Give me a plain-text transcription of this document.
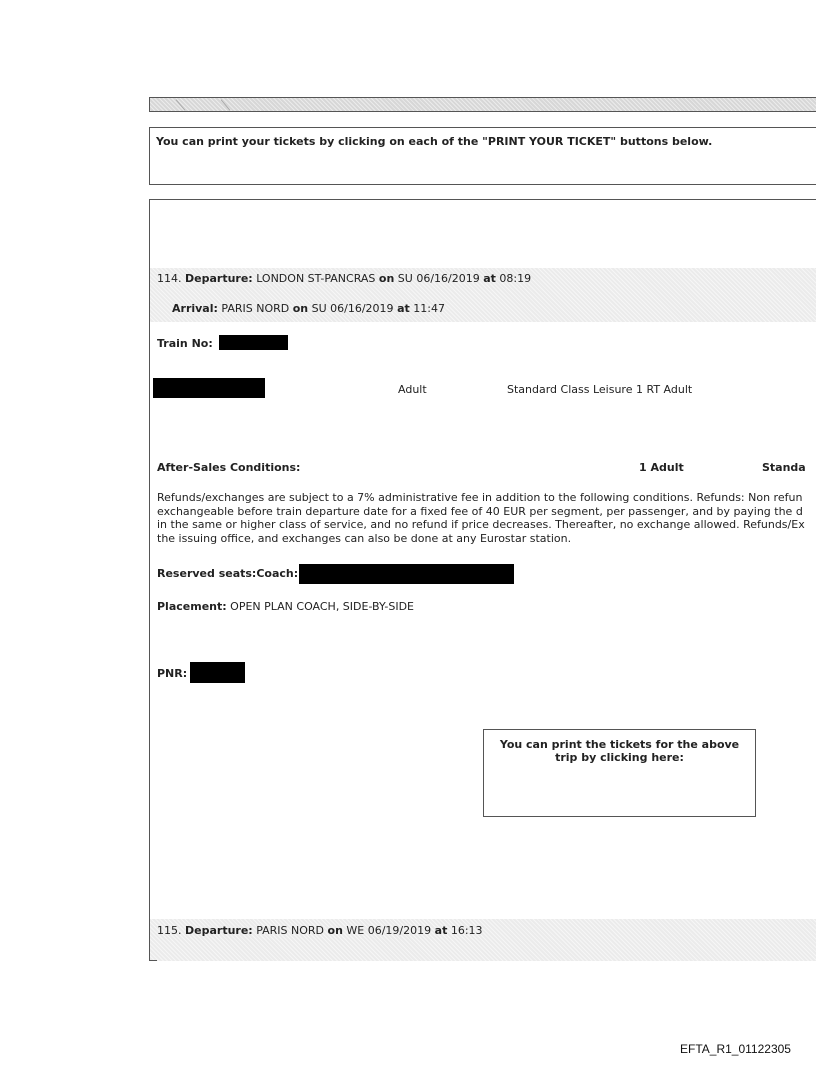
You can print your tickets by clicking on each of the "PRINT YOUR TICKET" buttons below.
114. Departure: LONDON ST-PANCRAS on SU 06/16/2019 at 08:19
Arrival: PARIS NORD on SU 06/16/2019 at 11:47
Train No:
Adult	Standard Class Leisure 1 RT Adult
After-Sales Conditions:	1 Adult	Standa
Refunds/exchanges are subject to a 7% administrative fee in addition to the following conditions. Refunds: Non refun
exchangeable before train departure date for a fixed fee of 40 EUR per segment, per passenger, and by paying the d
in the same or higher class of service, and no refund if price decreases. Thereafter, no exchange allowed. Refunds/Ex
the issuing office, and exchanges can also be done at any Eurostar station.
Reserved seats:Coach:
Placement: OPEN PLAN COACH, SIDE-BY-SIDE
PNR:
You can print the tickets for the above
trip by clicking here:
115. Departure: PARIS NORD on WE 06/19/2019 at 16:13
EFTA_R1_01122305
